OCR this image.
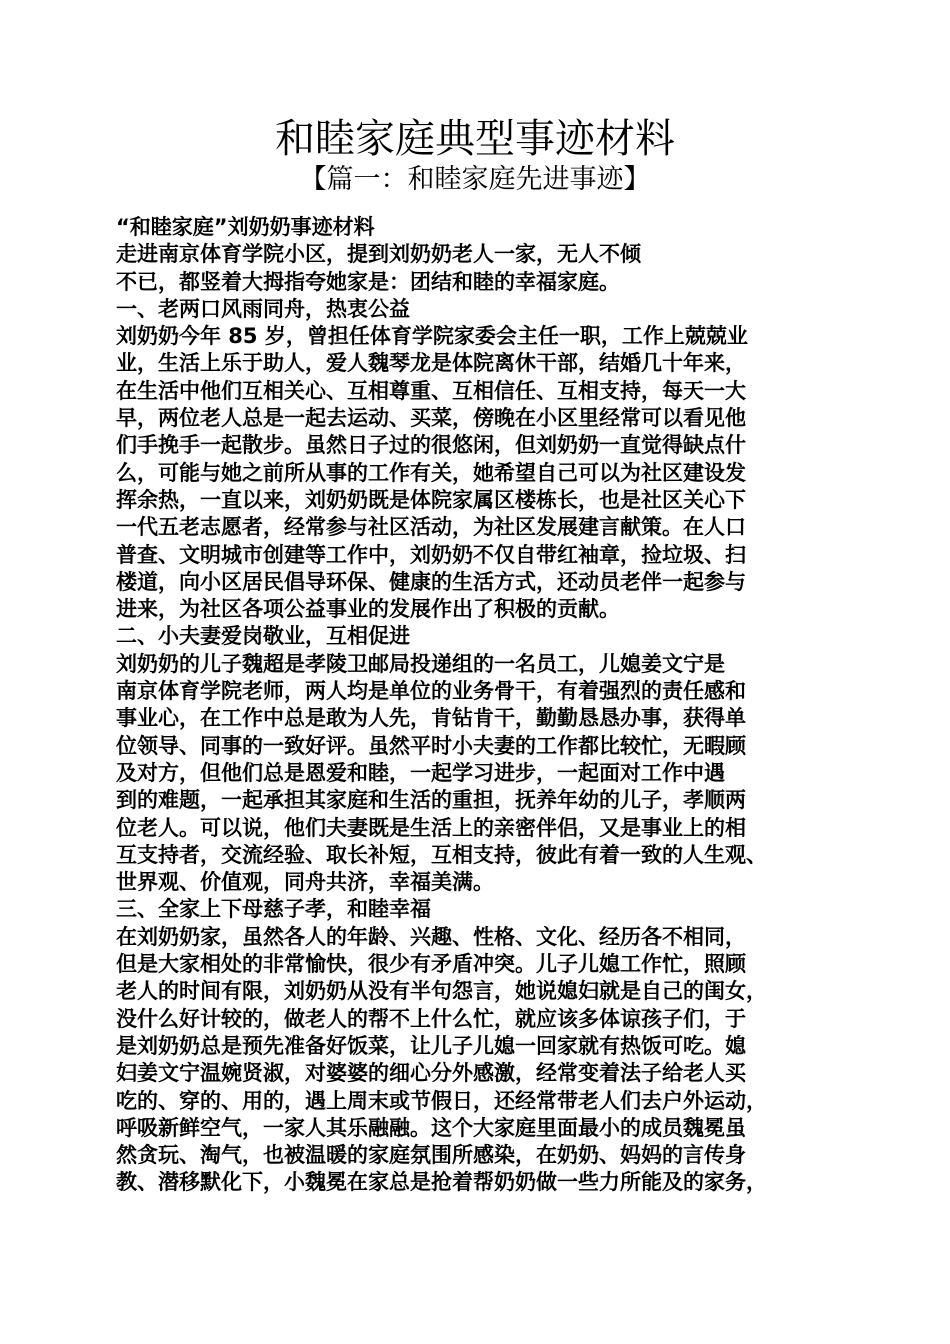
和睦家庭典型事迹材料
【篇一：和睦家庭先进事迹】
“和睦家庭”刘奶奶事迹材料
走进南京体育学院小区，提到刘奶奶老人一家，无人不倾
不已，都竖着大拇指夸她家是：团结和睦的幸福家庭。
一、老两口风雨同舟，热衷公益
刘奶奶今年 85 岁，曾担任体育学院家委会主任一职，工作上兢兢业
业，生活上乐于助人，爱人魏琴龙是体院离休干部，结婚几十年来，
在生活中他们互相关心、互相尊重、互相信任、互相支持，每天一大
早，两位老人总是一起去运动、买菜，傍晚在小区里经常可以看见他
们手挽手一起散步。虽然日子过的很悠闲，但刘奶奶一直觉得缺点什
么，可能与她之前所从事的工作有关，她希望自己可以为社区建设发
挥余热，一直以来，刘奶奶既是体院家属区楼栋长，也是社区关心下
一代五老志愿者，经常参与社区活动，为社区发展建言献策。在人口
普查、文明城市创建等工作中，刘奶奶不仅自带红袖章，捡垃圾、扫
楼道，向小区居民倡导环保、健康的生活方式，还动员老伴一起参与
进来，为社区各项公益事业的发展作出了积极的贡献。
二、小夫妻爱岗敬业，互相促进
刘奶奶的儿子魏超是孝陵卫邮局投递组的一名员工，儿媳姜文宁是
南京体育学院老师，两人均是单位的业务骨干，有着强烈的责任感和
事业心，在工作中总是敢为人先，肯钻肯干，勤勤恳恳办事，获得单
位领导、同事的一致好评。虽然平时小夫妻的工作都比较忙，无暇顾
及对方，但他们总是恩爱和睦，一起学习进步，一起面对工作中遇
到的难题，一起承担其家庭和生活的重担，抚养年幼的儿子，孝顺两
位老人。可以说，他们夫妻既是生活上的亲密伴侣，又是事业上的相
互支持者，交流经验、取长补短，互相支持，彼此有着一致的人生观、
世界观、价值观，同舟共济，幸福美满。
三、全家上下母慈子孝，和睦幸福
在刘奶奶家，虽然各人的年龄、兴趣、性格、文化、经历各不相同，
但是大家相处的非常愉快，很少有矛盾冲突。儿子儿媳工作忙，照顾
老人的时间有限，刘奶奶从没有半句怨言，她说媳妇就是自己的闺女，
没什么好计较的，做老人的帮不上什么忙，就应该多体谅孩子们，于
是刘奶奶总是预先准备好饭菜，让儿子儿媳一回家就有热饭可吃。媳
妇姜文宁温婉贤淑，对婆婆的细心分外感激，经常变着法子给老人买
吃的、穿的、用的，遇上周末或节假日，还经常带老人们去户外运动，
呼吸新鲜空气，一家人其乐融融。这个大家庭里面最小的成员魏冕虽
然贪玩、淘气，也被温暖的家庭氛围所感染，在奶奶、妈妈的言传身
教、潜移默化下，小魏冕在家总是抢着帮奶奶做一些力所能及的家务，
